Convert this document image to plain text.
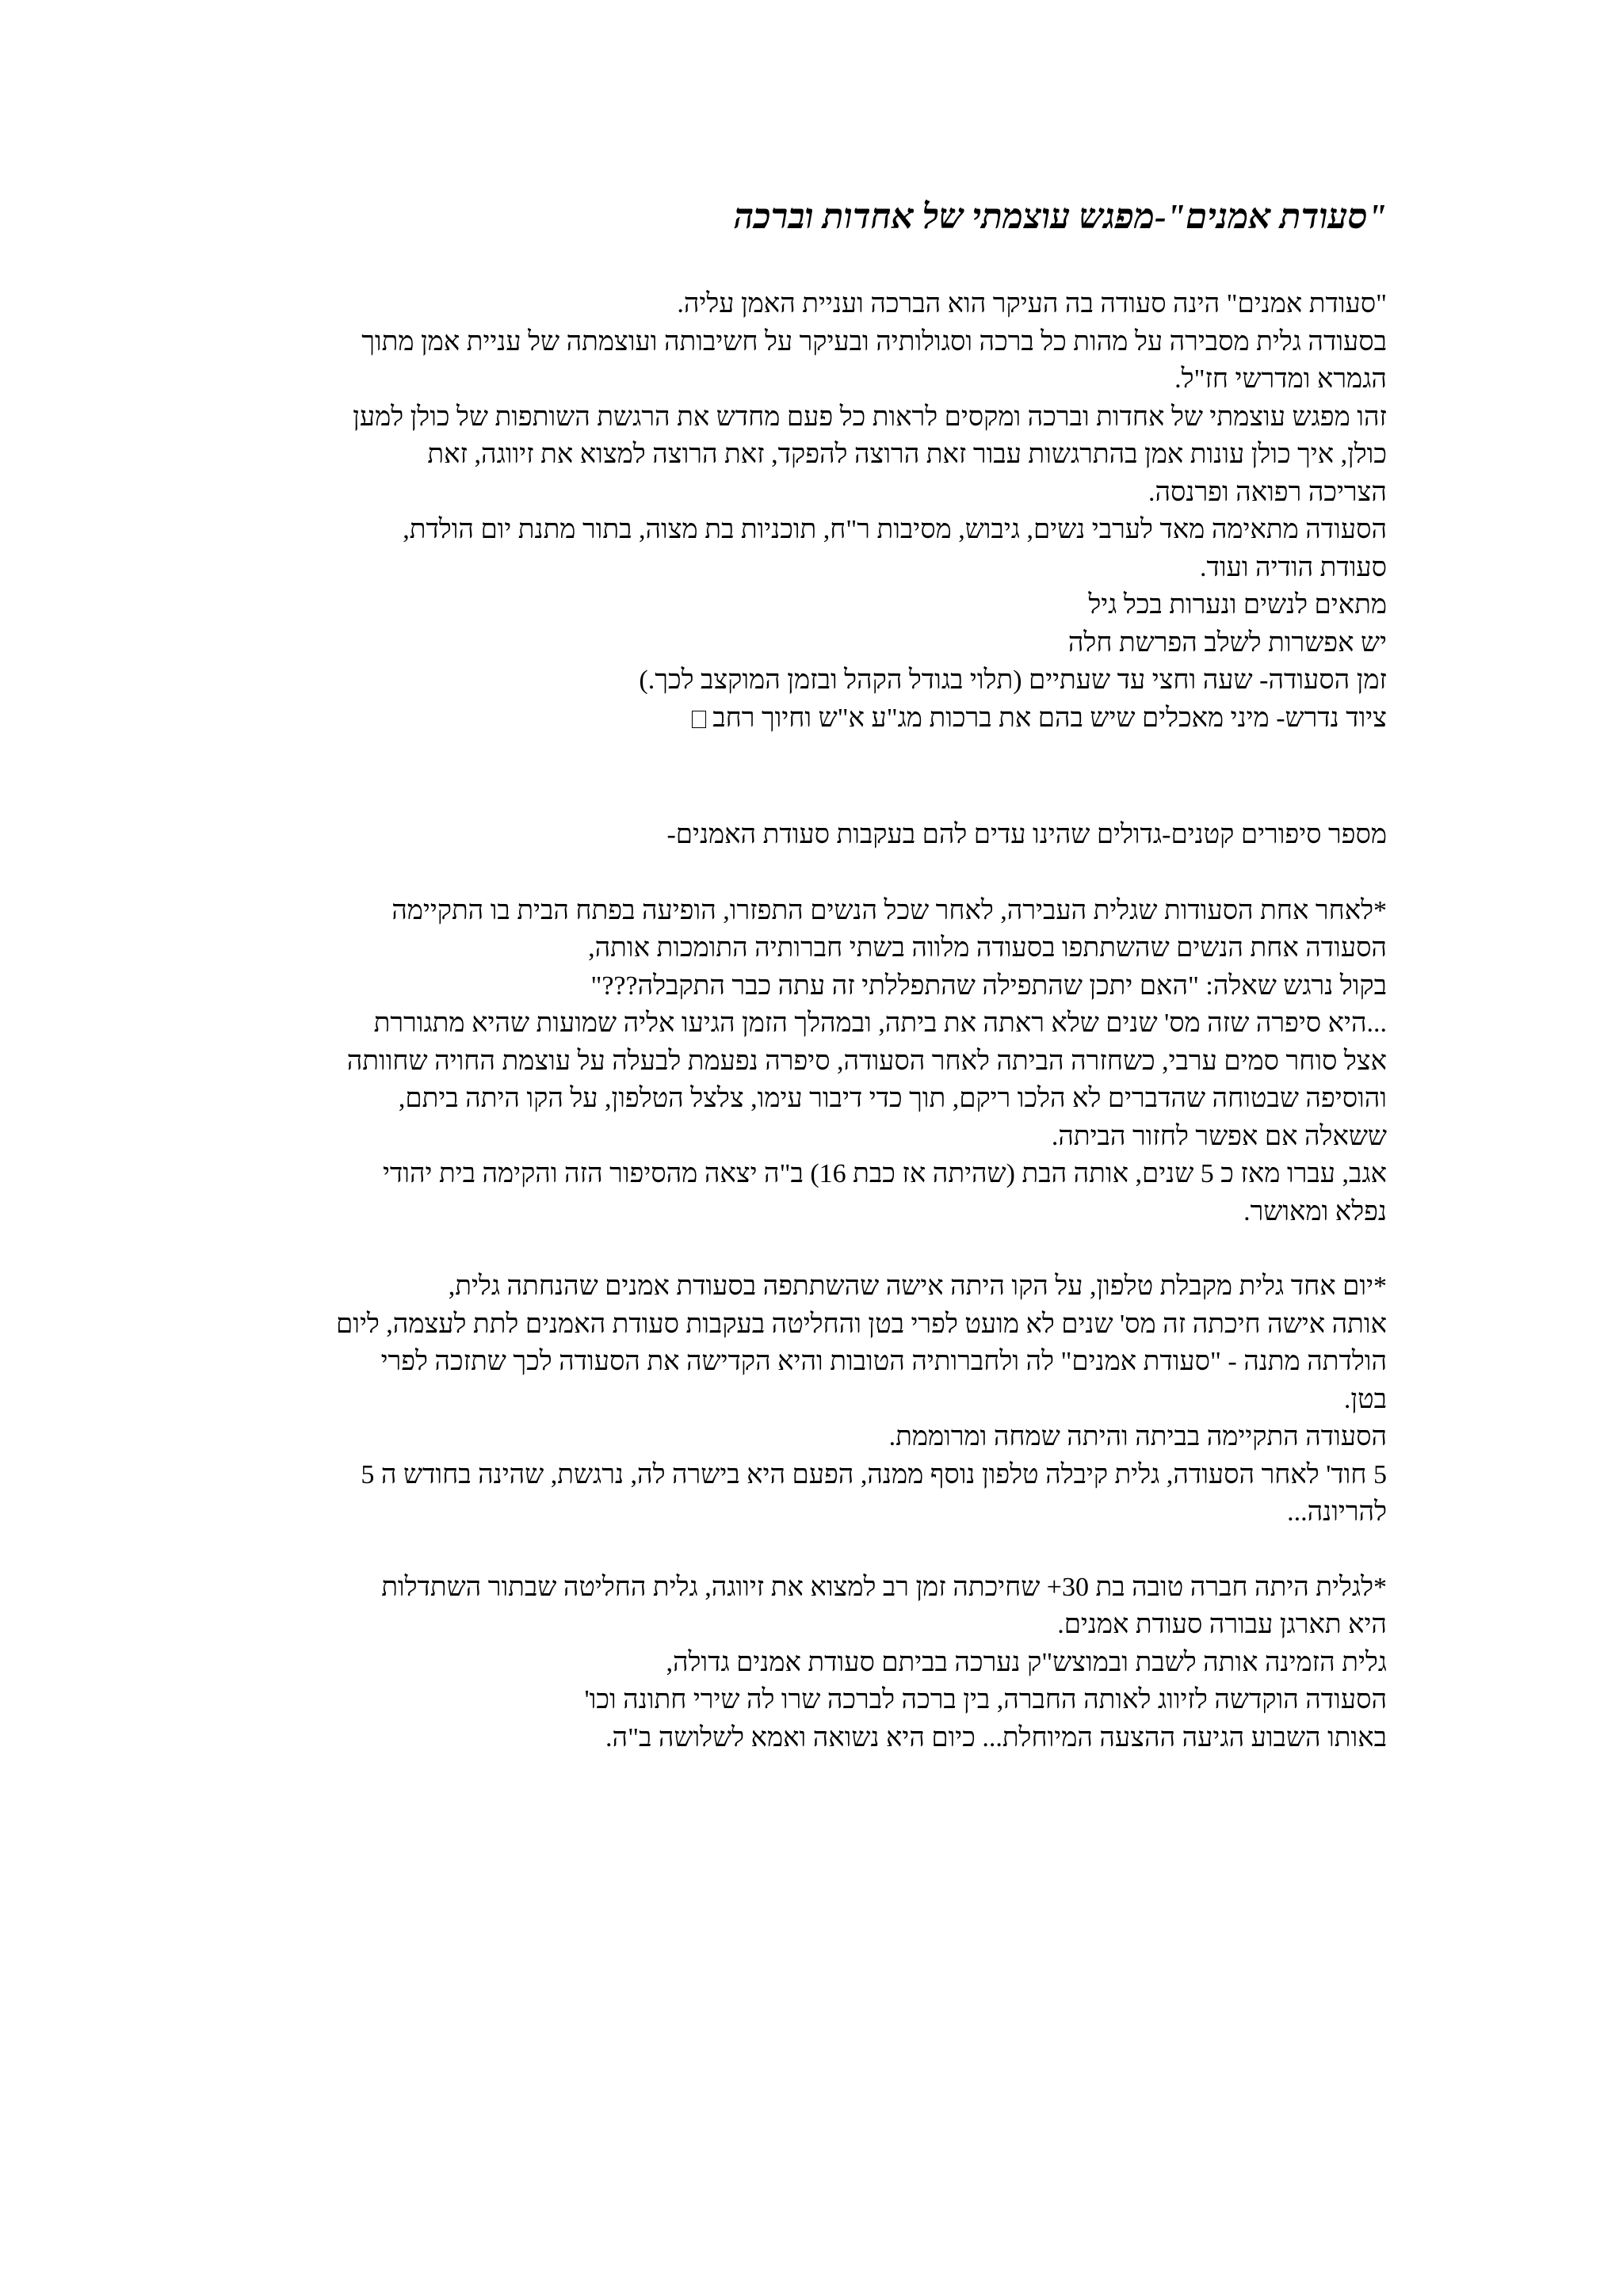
"סעודת אמנים"-מפגש עוצמתי של אחדות וברכה

"סעודת אמנים" הינה סעודה בה העיקר הוא הברכה ועניית האמן עליה.

בסעודה גלית מסבירה על מהות כל ברכה וסגולותיה ובעיקר על חשיבותה ועוצמתה של עניית אמן מתוך

הגמרא ומדרשי חז"ל.

זהו מפגש עוצמתי של אחדות וברכה ומקסים לראות כל פעם מחדש את הרגשת השותפות של כולן למען

כולן, איך כולן עונות אמן בהתרגשות עבור זאת הרוצה להפקד, זאת הרוצה למצוא את זיווגה, זאת

הצריכה רפואה ופרנסה.

הסעודה מתאימה מאד לערבי נשים, גיבוש, מסיבות ר"ח, תוכניות בת מצוה, בתור מתנת יום הולדת,

סעודת הודיה ועוד.

מתאים לנשים ונערות בכל גיל

יש אפשרות לשלב הפרשת חלה

זמן הסעודה- שעה וחצי עד שעתיים (תלוי בגודל הקהל ובזמן המוקצב לכך.)

ציוד נדרש- מיני מאכלים שיש בהם את ברכות מג"ע א"ש וחיוך רחב

מספר סיפורים קטנים-גדולים שהינו עדים להם בעקבות סעודת האמנים-

*לאחר אחת הסעודות שגלית העבירה, לאחר שכל הנשים התפזרו, הופיעה בפתח הבית בו התקיימה

הסעודה אחת הנשים שהשתתפו בסעודה מלווה בשתי חברותיה התומכות אותה,

בקול נרגש שאלה: "האם יתכן שהתפילה שהתפללתי זה עתה כבר התקבלה???"

...היא סיפרה שזה מס' שנים שלא ראתה את ביתה, ובמהלך הזמן הגיעו אליה שמועות שהיא מתגוררת

אצל סוחר סמים ערבי, כשחזרה הביתה לאחר הסעודה, סיפרה נפעמת לבעלה על עוצמת החויה שחוותה

והוסיפה שבטוחה שהדברים לא הלכו ריקם, תוך כדי דיבור עימו, צלצל הטלפון, על הקו היתה ביתם,

ששאלה אם אפשר לחזור הביתה.

אגב, עברו מאז כ 5 שנים, אותה הבת (שהיתה אז כבת 16) ב"ה יצאה מהסיפור הזה והקימה בית יהודי

נפלא ומאושר.

*יום אחד גלית מקבלת טלפון, על הקו היתה אישה שהשתתפה בסעודת אמנים שהנחתה גלית,

אותה אישה חיכתה זה מס' שנים לא מועט לפרי בטן והחליטה בעקבות סעודת האמנים לתת לעצמה, ליום

הולדתה מתנה - "סעודת אמנים" לה ולחברותיה הטובות והיא הקדישה את הסעודה לכך שתזכה לפרי

בטן.

הסעודה התקיימה בביתה והיתה שמחה ומרוממת.

5 חוד' לאחר הסעודה, גלית קיבלה טלפון נוסף ממנה, הפעם היא בישרה לה, נרגשת, שהינה בחודש ה 5

להריונה...

*לגלית היתה חברה טובה בת 30+ שחיכתה זמן רב למצוא את זיווגה, גלית החליטה שבתור השתדלות

היא תארגן עבורה סעודת אמנים.

גלית הזמינה אותה לשבת ובמוצש"ק נערכה בביתם סעודת אמנים גדולה,

הסעודה הוקדשה לזיווג לאותה החברה, בין ברכה לברכה שרו לה שירי חתונה וכו'

באותו השבוע הגיעה ההצעה המיוחלת... כיום היא נשואה ואמא לשלושה ב"ה.
